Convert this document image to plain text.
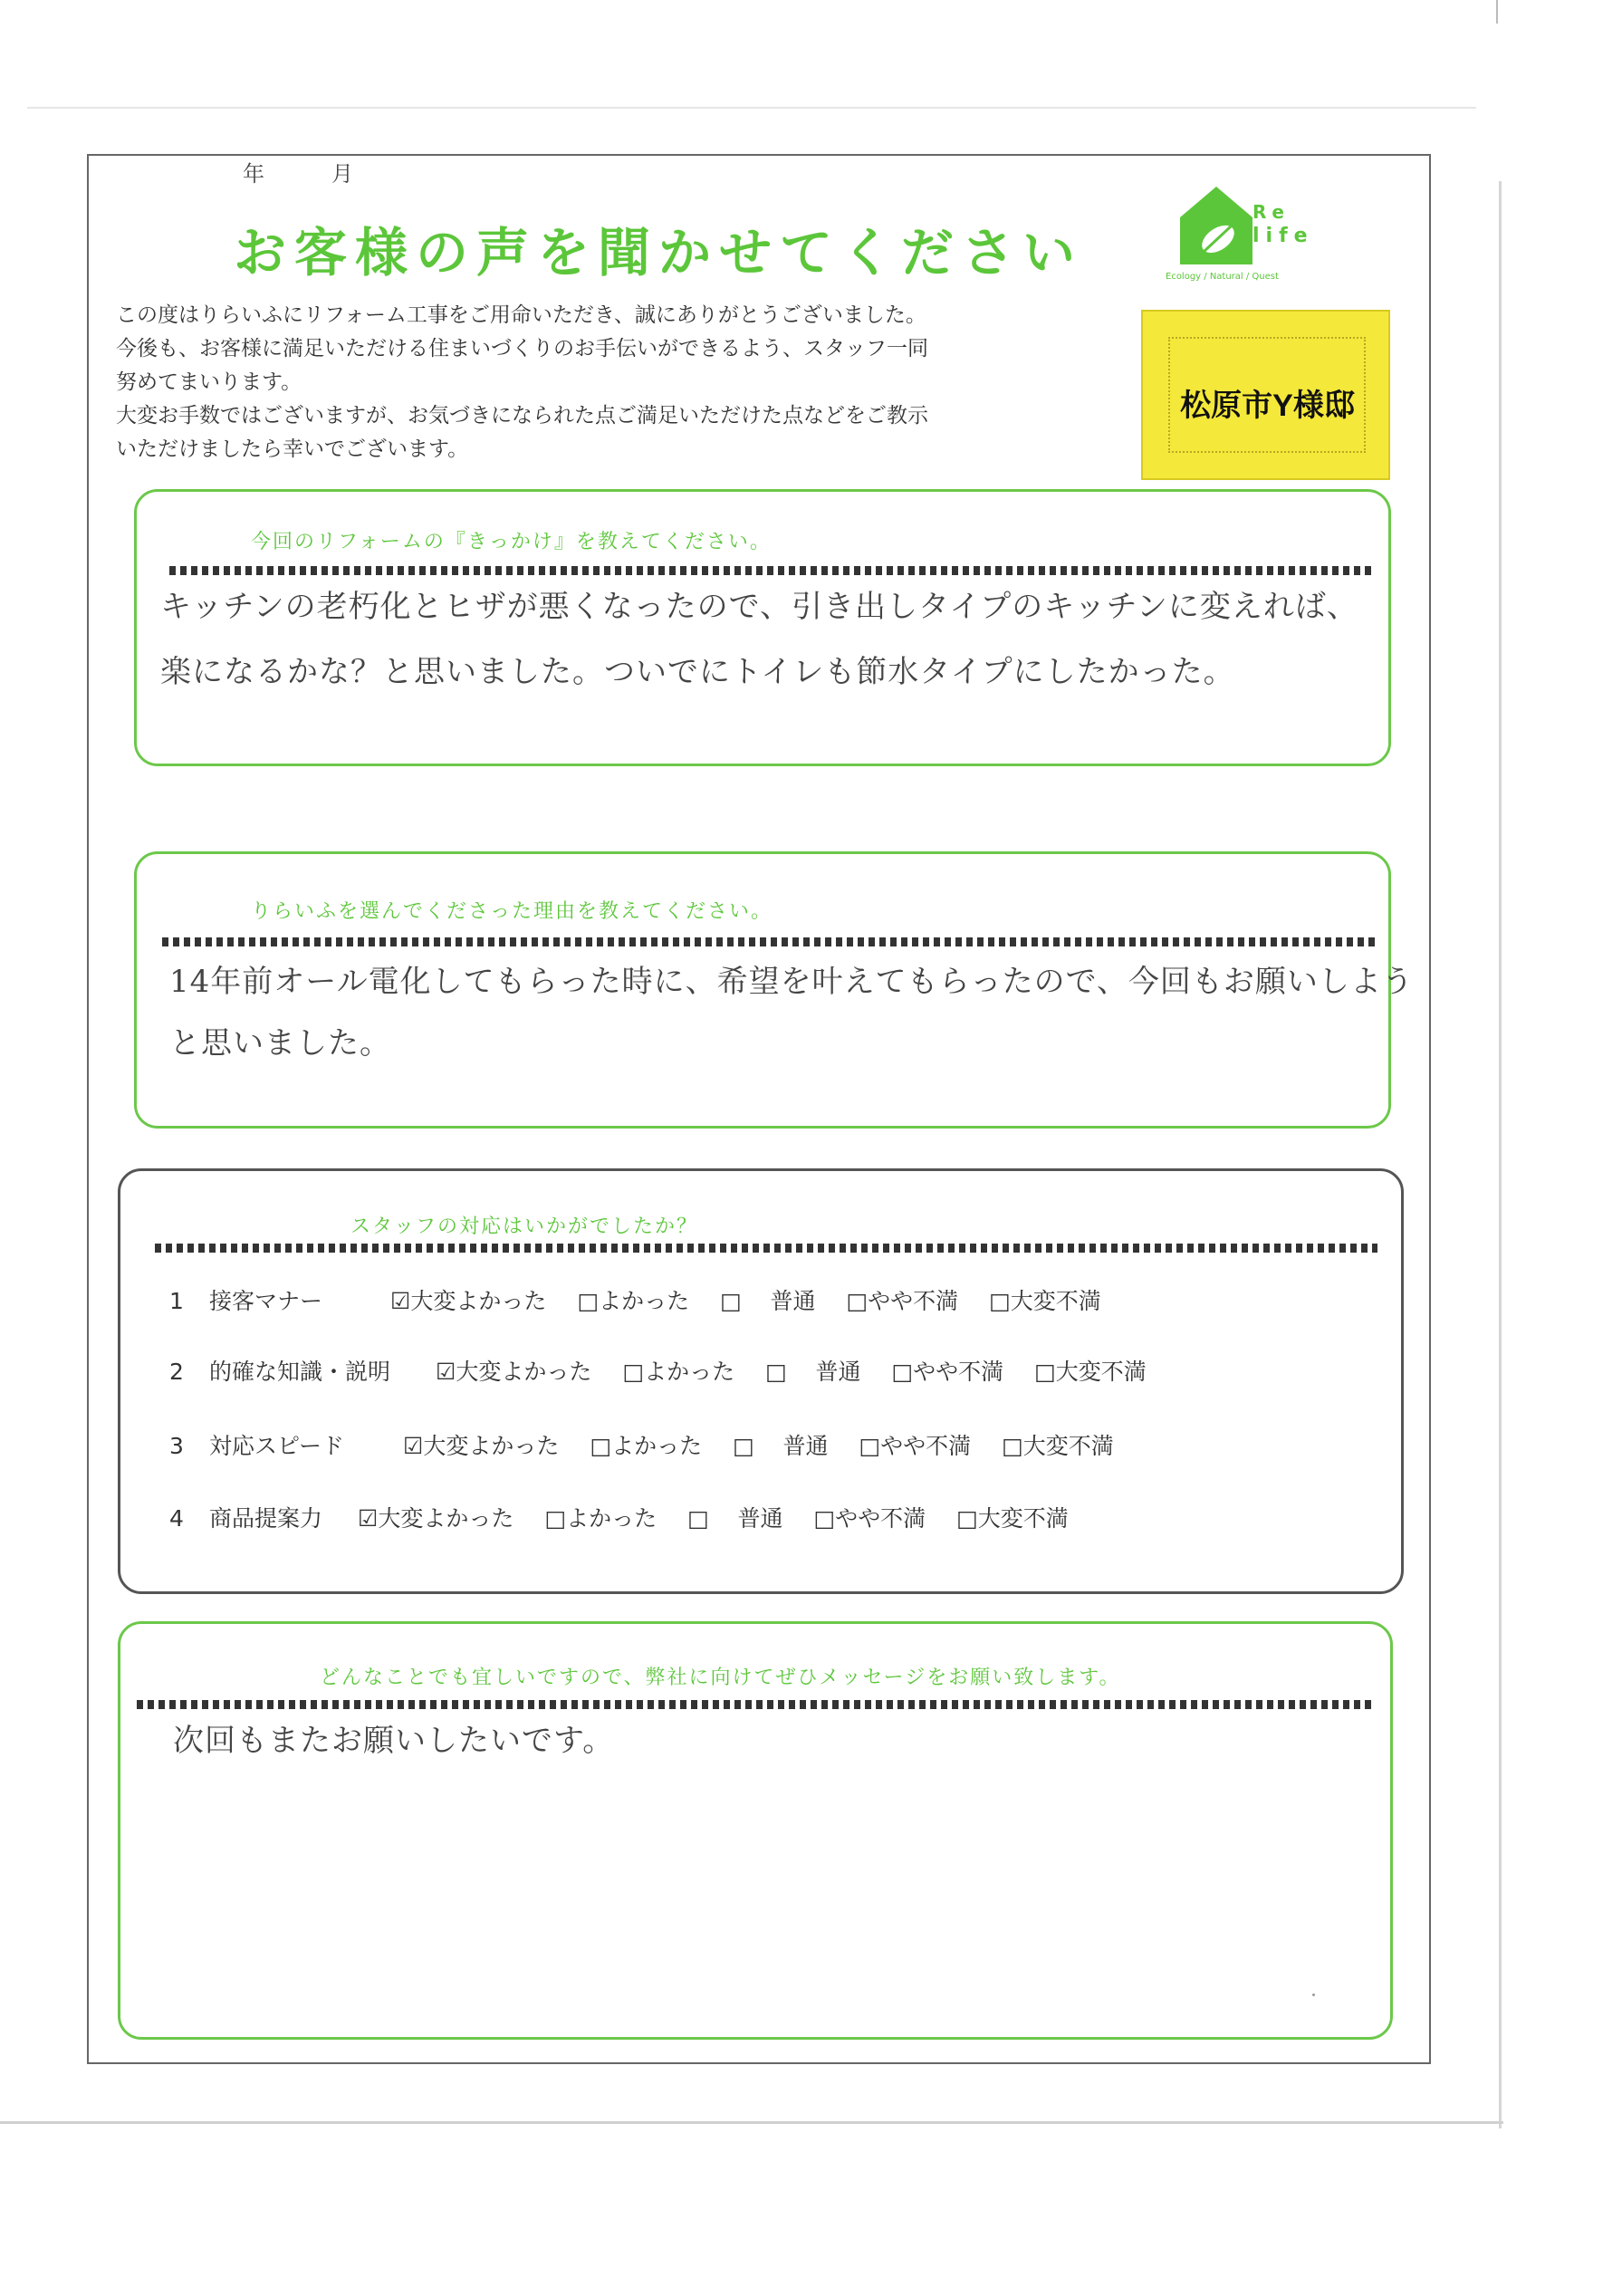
年	月
お客様の声を聞かせてください

この度はりらいふにリフォーム工事をご用命いただき、誠にありがとうございました。

今後も、お客様に満足いただける住まいづくりのお手伝いができるよう、スタッフ一同

努めてまいります。

大変お手数ではございますが、お気づきになられた点ご満足いただけた点などをご教示

いただけましたら幸いでございます。

Re
life
Ecology / Natural / Quest
松原市Y様邸
今回のリフォームの『きっかけ』を教えてください。
キッチンの老朽化とヒザが悪くなったので、引き出しタイプのキッチンに変えれば、
楽になるかな？と思いました。ついでにトイレも節水タイプにしたかった。
りらいふを選んでくださった理由を教えてください。
14年前オール電化してもらった時に、希望を叶えてもらったので、今回もお願いしよう
と思いました。
スタッフの対応はいかがでしたか？
1 接客マナー	☑大変よかった □よかった □ 普通 □やや不満 □大変不満
2 的確な知識・説明 ☑大変よかった □よかった □ 普通 □やや不満 □大変不満
3 対応スピード	☑大変よかった □よかった □ 普通 □やや不満 □大変不満
4 商品提案力 ☑大変よかった □よかった □ 普通 □やや不満 □大変不満
どんなことでも宜しいですので、弊社に向けてぜひメッセージをお願い致します。
次回もまたお願いしたいです。
